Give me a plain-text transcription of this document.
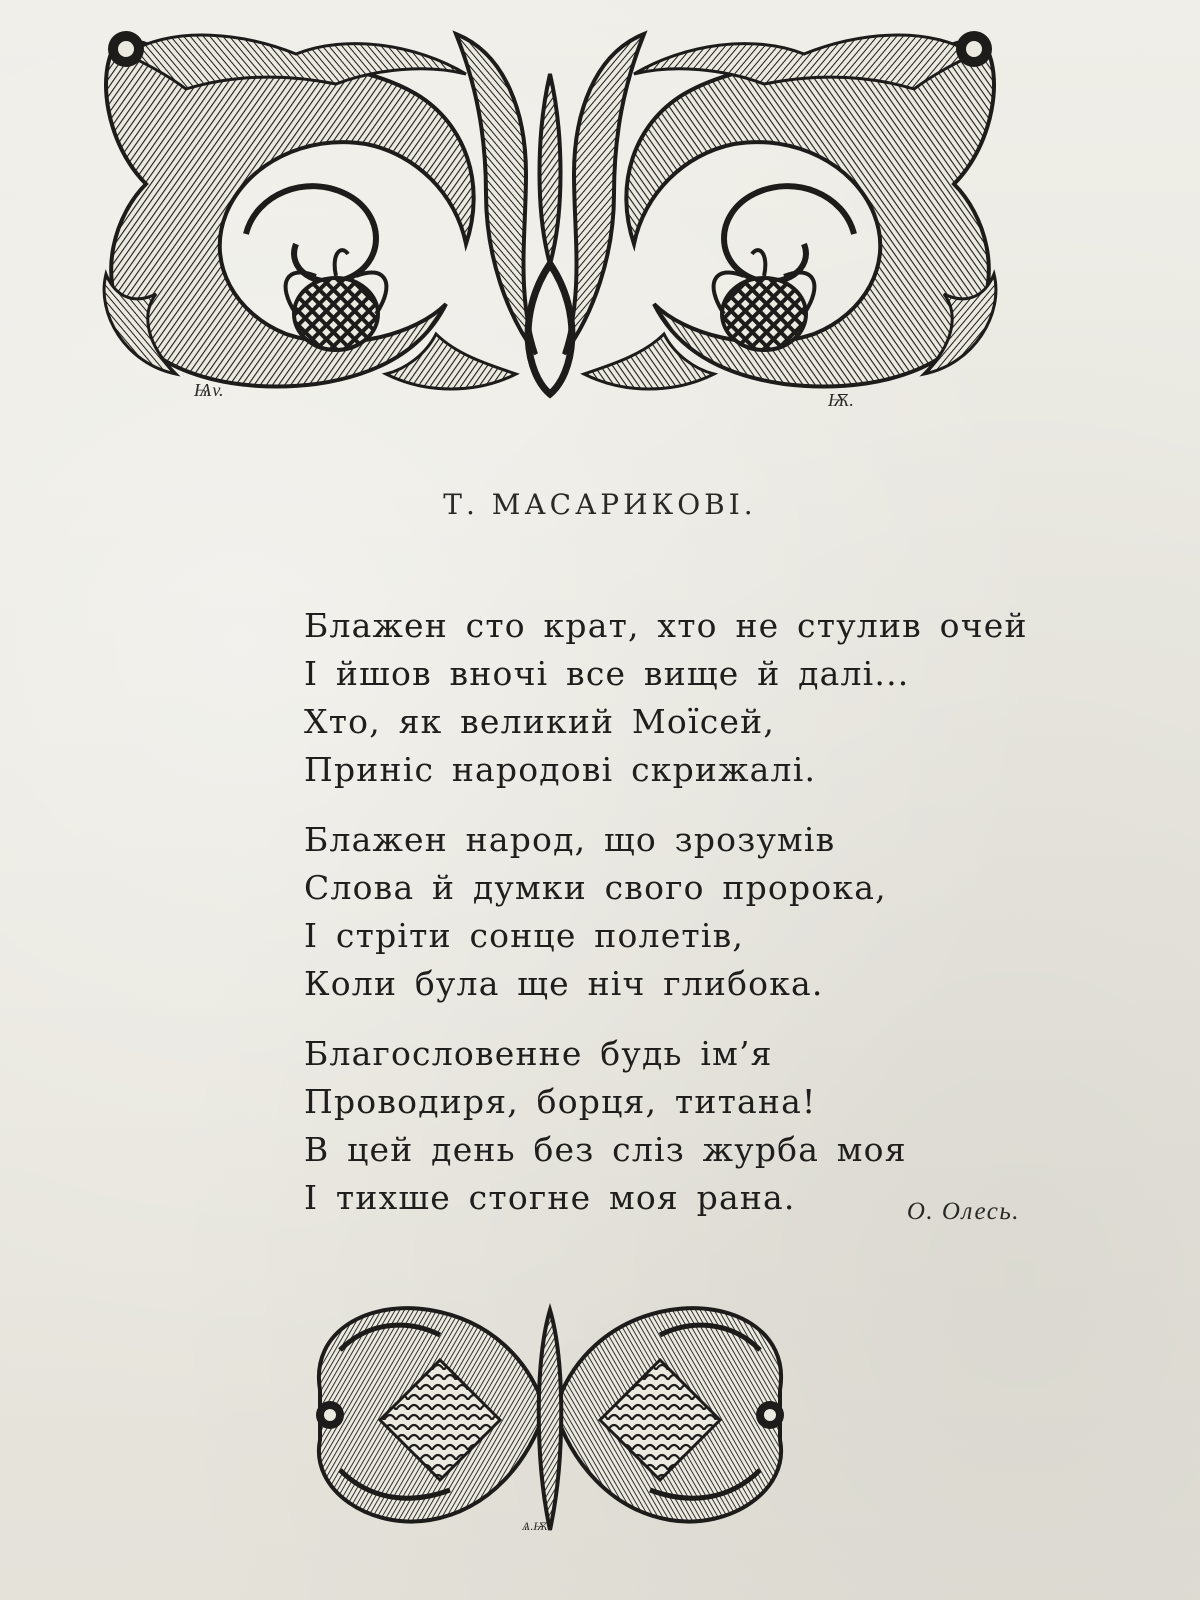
Ѩv.	Ѭ.
Т. МАСАРИКОВІ.
Блажен сто крат, хто не стулив очей
І йшов вночі все вище й далі...
Хто, як великий Моїсей,
Приніс народові скрижалі.
Блажен народ, що зрозумів
Слова й думки свого пророка,
І стріти сонце полетів,
Коли була ще ніч глибока.
Благословенне будь ім’я
Проводиря, борця, титана!
В цей день без сліз журба моя
І тихше стогне моя рана.	О. Олесь.
Ѧ.Ѭ.
